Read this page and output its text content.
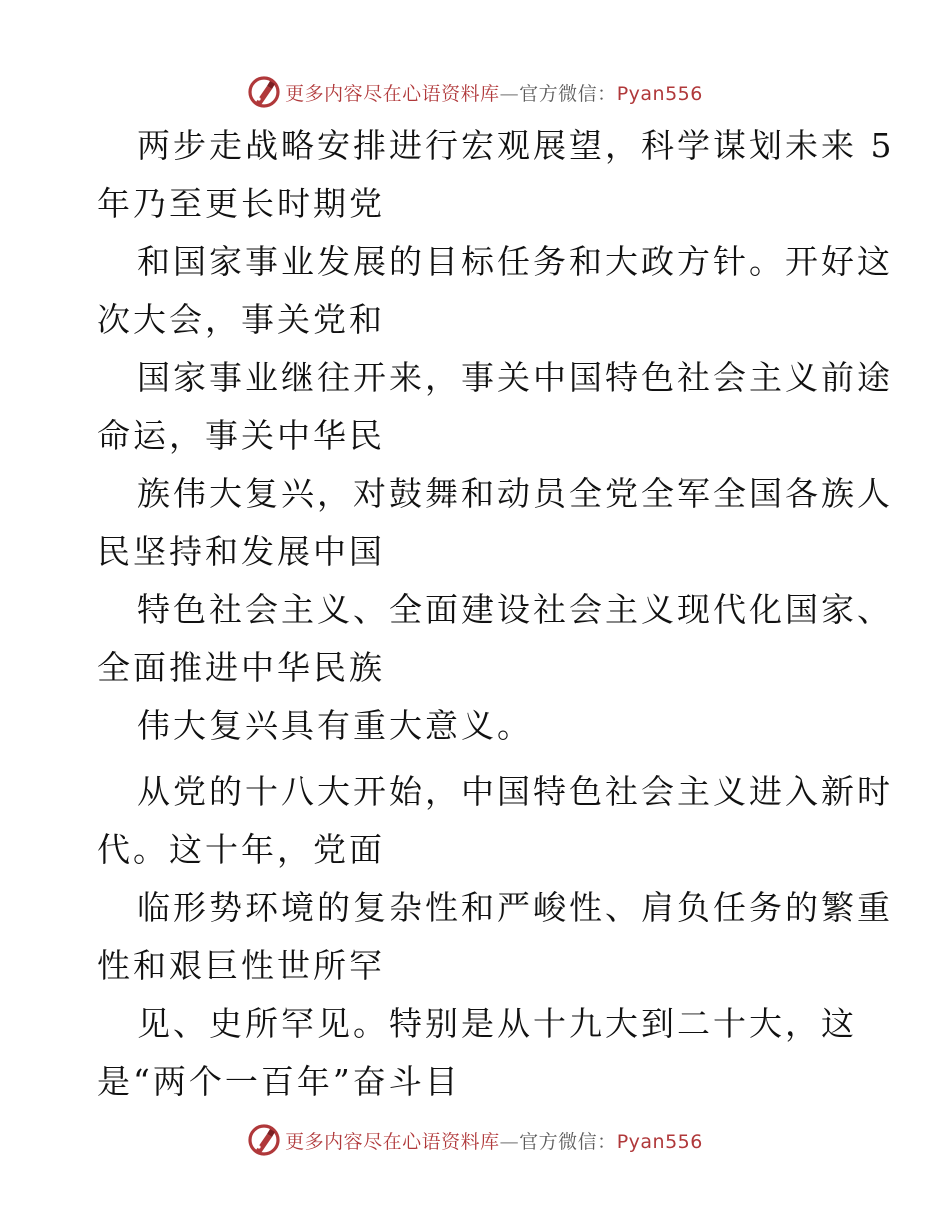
更多内容尽在心语资料库—官方微信：Pyan556
两步走战略安排进行宏观展望，科学谋划未来 5
年乃至更长时期党
和国家事业发展的目标任务和大政方针。开好这
次大会，事关党和
国家事业继往开来，事关中国特色社会主义前途
命运，事关中华民
族伟大复兴，对鼓舞和动员全党全军全国各族人
民坚持和发展中国
特色社会主义、全面建设社会主义现代化国家、
全面推进中华民族
伟大复兴具有重大意义。
从党的十八大开始，中国特色社会主义进入新时
代。这十年，党面
临形势环境的复杂性和严峻性、肩负任务的繁重
性和艰巨性世所罕
见、史所罕见。特别是从十九大到二十大，这
是“两个一百年”奋斗目
更多内容尽在心语资料库—官方微信：Pyan556
